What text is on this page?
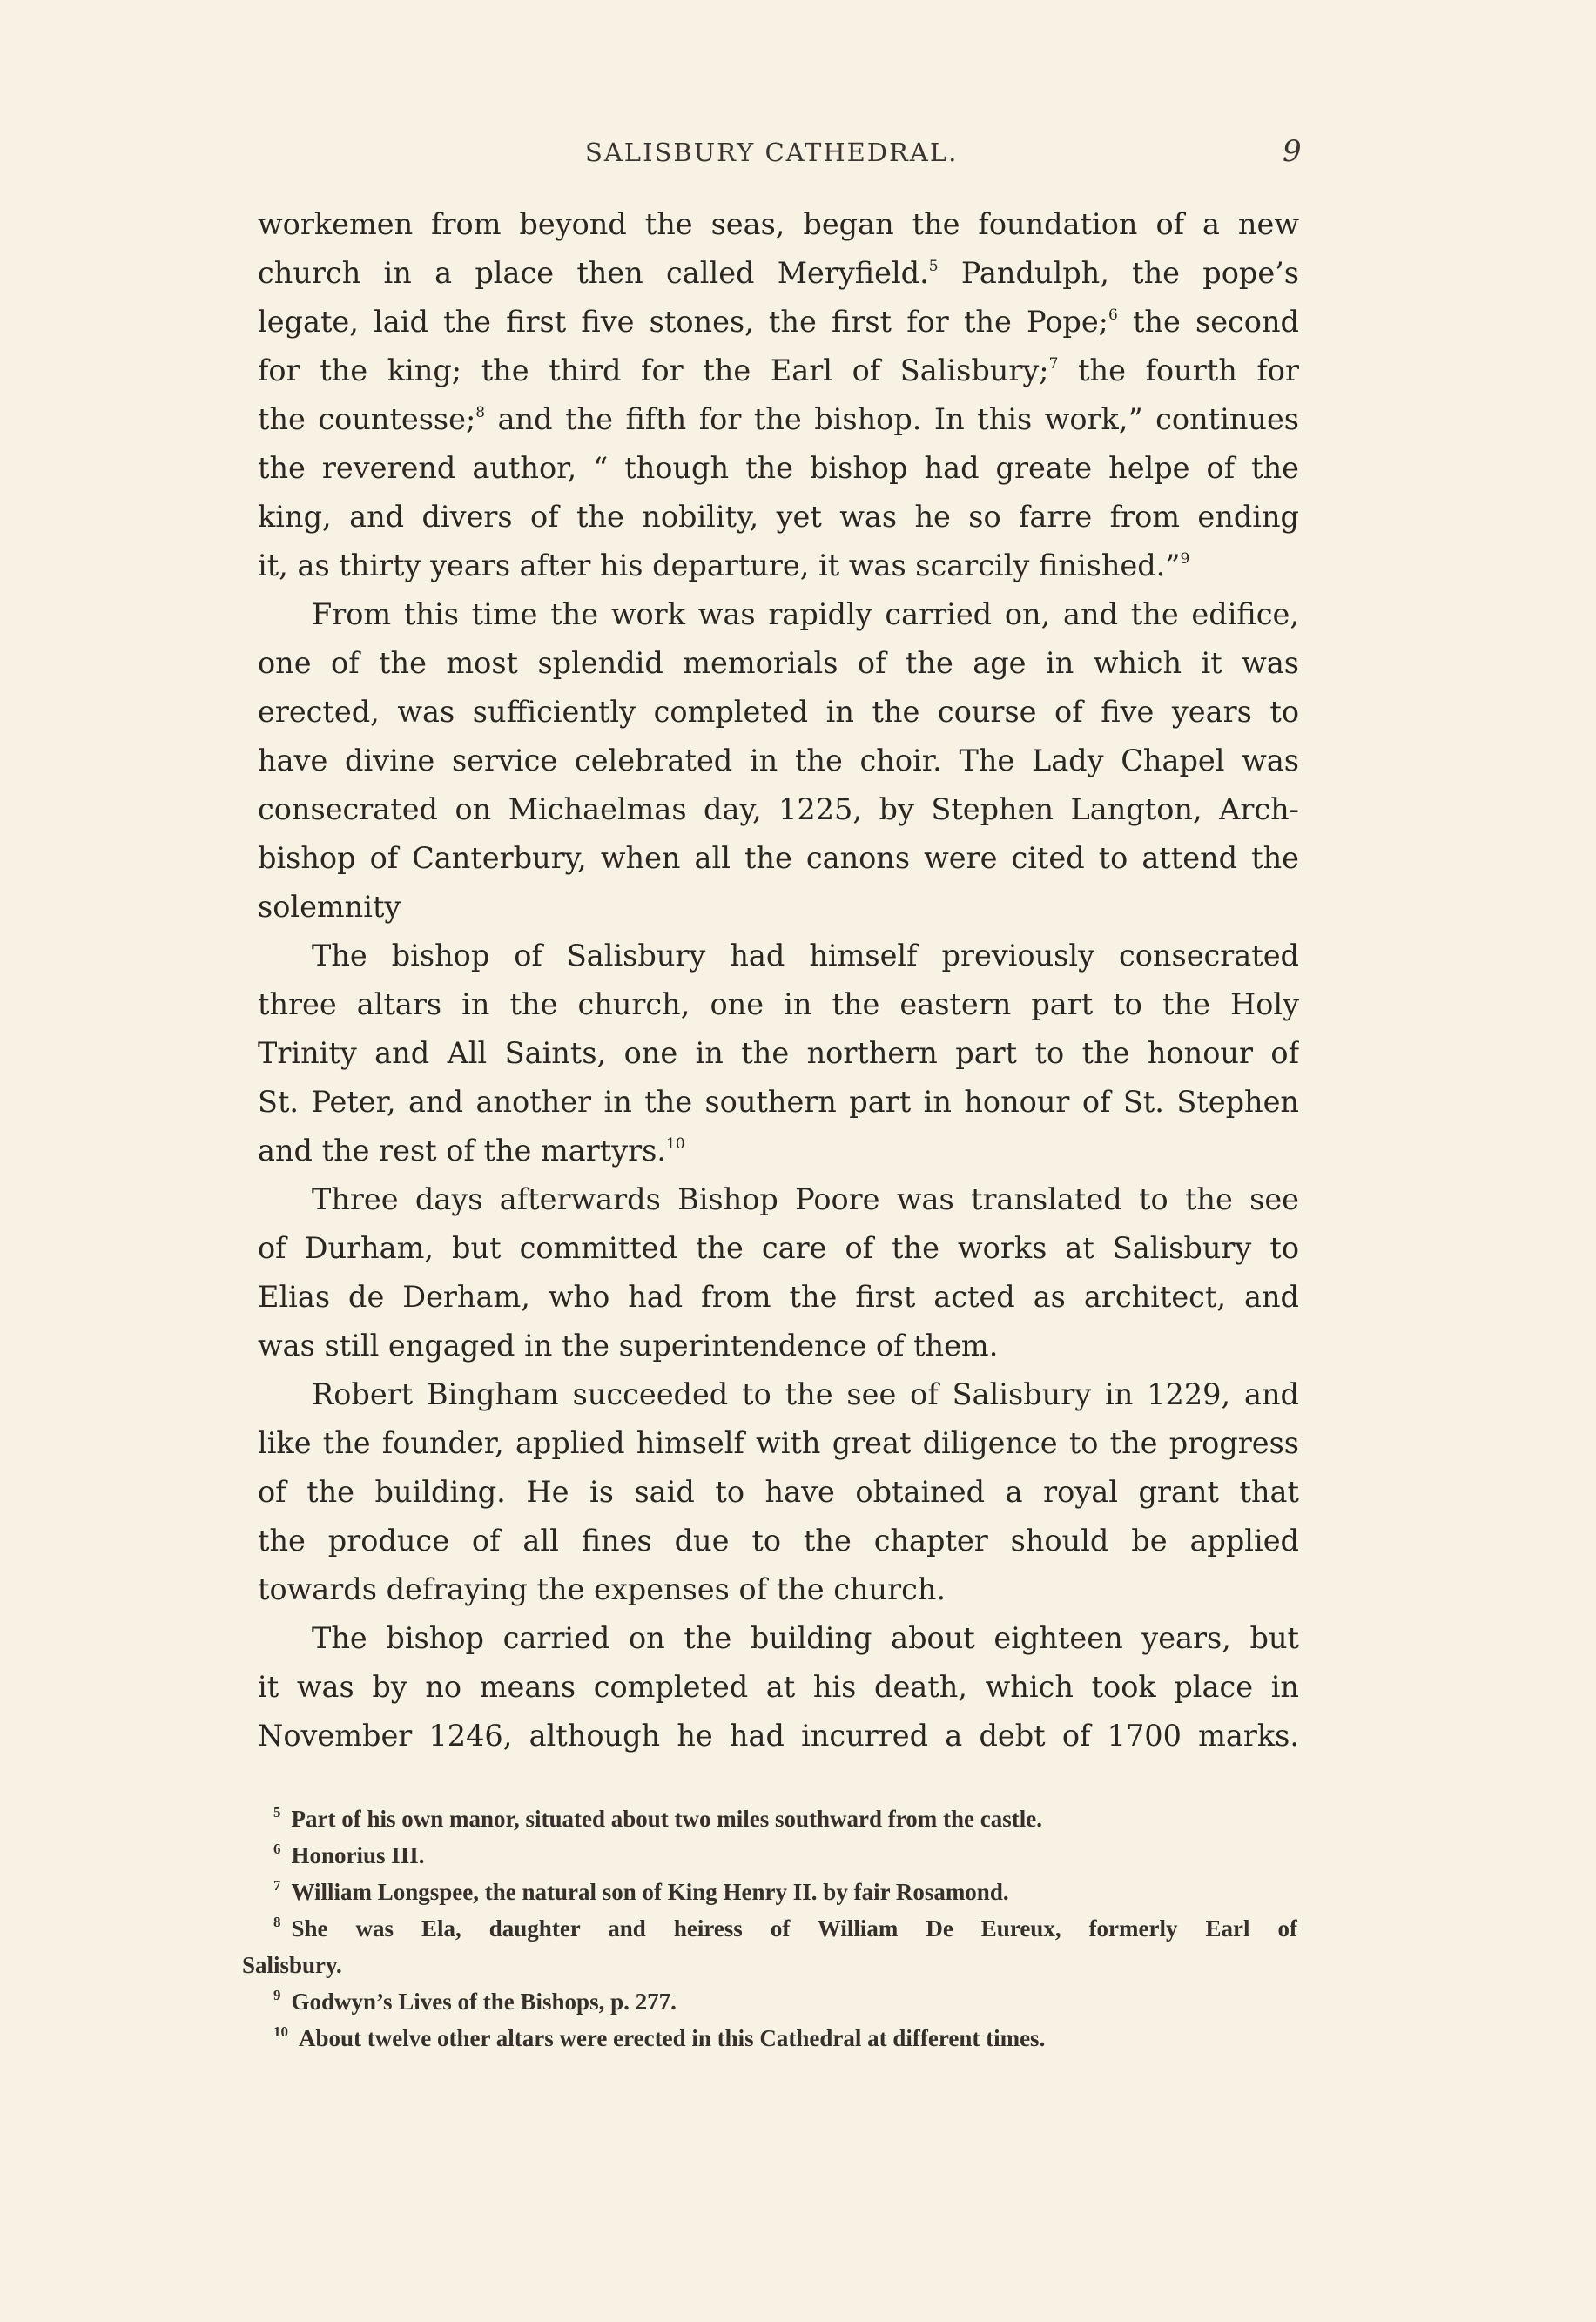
SALISBURY CATHEDRAL.	9
workemen from beyond the seas, began the foundation of a new
church in a place then called Meryfield.$^5$ Pandulph, the pope’s
legate, laid the first five stones, the first for the Pope;$^6$ the second
for the king; the third for the Earl of Salisbury;$^7$ the fourth for
the countesse;$^8$ and the fifth for the bishop. In this work,” continues
the reverend author, “ though the bishop had greate helpe of the
king, and divers of the nobility, yet was he so farre from ending
it, as thirty years after his departure, it was scarcily finished.”$^9$
From this time the work was rapidly carried on, and the edifice,
one of the most splendid memorials of the age in which it was
erected, was sufficiently completed in the course of five years to
have divine service celebrated in the choir. The Lady Chapel was
consecrated on Michaelmas day, 1225, by Stephen Langton, Arch-
bishop of Canterbury, when all the canons were cited to attend the
solemnity
The bishop of Salisbury had himself previously consecrated
three altars in the church, one in the eastern part to the Holy
Trinity and All Saints, one in the northern part to the honour of
St. Peter, and another in the southern part in honour of St. Stephen
and the rest of the martyrs.$^{10}$
Three days afterwards Bishop Poore was translated to the see
of Durham, but committed the care of the works at Salisbury to
Elias de Derham, who had from the first acted as architect, and
was still engaged in the superintendence of them.
Robert Bingham succeeded to the see of Salisbury in 1229, and
like the founder, applied himself with great diligence to the progress
of the building. He is said to have obtained a royal grant that
the produce of all fines due to the chapter should be applied
towards defraying the expenses of the church.
The bishop carried on the building about eighteen years, but
it was by no means completed at his death, which took place in
November 1246, although he had incurred a debt of 1700 marks.
$^5$ Part of his own manor, situated about two miles southward from the castle.
$^6$ Honorius III.
$^7$ William Longspee, the natural son of King Henry II. by fair Rosamond.
$^8$ She was Ela, daughter and heiress of William De Eureux, formerly Earl of
Salisbury.
$^9$ Godwyn’s Lives of the Bishops, p. 277.
$^{10}$ About twelve other altars were erected in this Cathedral at different times.
